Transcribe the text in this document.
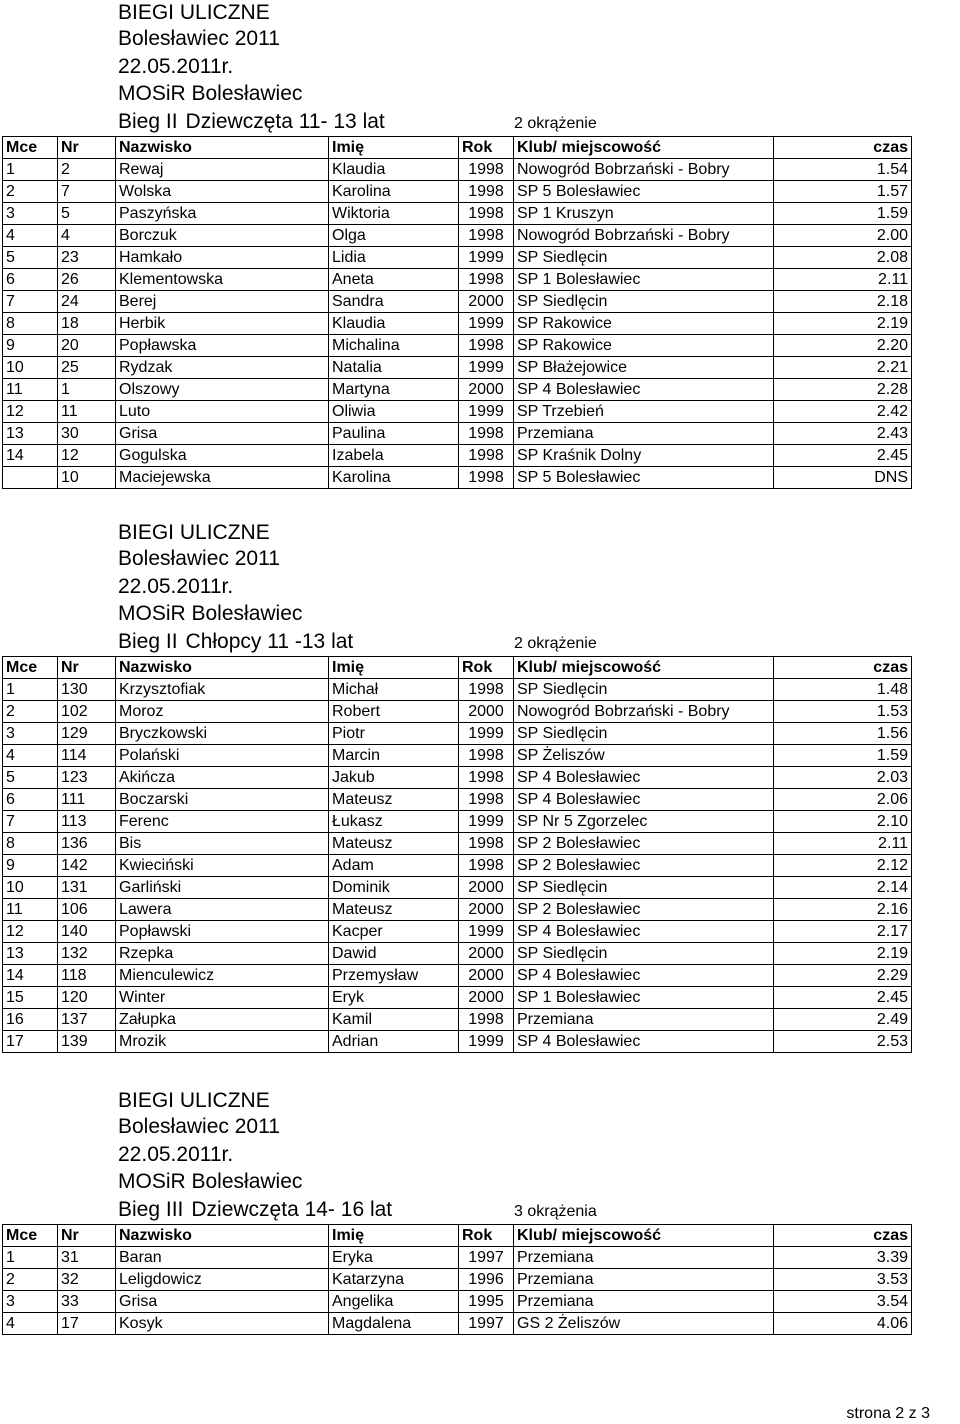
BIEGI ULICZNE
Bolesławiec 2011
22.05.2011r.
MOSiR Bolesławiec
Bieg II Dziewczęta 11- 13 lat	2 okrążenie
Mce	Nr	Nazwisko	Imię	Rok	Klub/ miejscowość	czas
1	2	Rewaj	Klaudia	1998	Nowogród Bobrzański - Bobry	1.54
2	7	Wolska	Karolina	1998	SP 5 Bolesławiec	1.57
3	5	Paszyńska	Wiktoria	1998	SP 1 Kruszyn	1.59
4	4	Borczuk	Olga	1998	Nowogród Bobrzański - Bobry	2.00
5	23	Hamkało	Lidia	1999	SP Siedlęcin	2.08
6	26	Klementowska	Aneta	1998	SP 1 Bolesławiec	2.11
7	24	Berej	Sandra	2000	SP Siedlęcin	2.18
8	18	Herbik	Klaudia	1999	SP Rakowice	2.19
9	20	Popławska	Michalina	1998	SP Rakowice	2.20
10	25	Rydzak	Natalia	1999	SP Błażejowice	2.21
11	1	Olszowy	Martyna	2000	SP 4 Bolesławiec	2.28
12	11	Luto	Oliwia	1999	SP Trzebień	2.42
13	30	Grisa	Paulina	1998	Przemiana	2.43
14	12	Gogulska	Izabela	1998	SP Kraśnik Dolny	2.45
	10	Maciejewska	Karolina	1998	SP 5 Bolesławiec	DNS
BIEGI ULICZNE
Bolesławiec 2011
22.05.2011r.
MOSiR Bolesławiec
Bieg II Chłopcy 11 -13 lat	2 okrążenie
Mce	Nr	Nazwisko	Imię	Rok	Klub/ miejscowość	czas
1	130	Krzysztofiak	Michał	1998	SP Siedlęcin	1.48
2	102	Moroz	Robert	2000	Nowogród Bobrzański - Bobry	1.53
3	129	Bryczkowski	Piotr	1999	SP Siedlęcin	1.56
4	114	Polański	Marcin	1998	SP Żeliszów	1.59
5	123	Akińcza	Jakub	1998	SP 4 Bolesławiec	2.03
6	111	Boczarski	Mateusz	1998	SP 4 Bolesławiec	2.06
7	113	Ferenc	Łukasz	1999	SP Nr 5 Zgorzelec	2.10
8	136	Bis	Mateusz	1998	SP 2 Bolesławiec	2.11
9	142	Kwieciński	Adam	1998	SP 2 Bolesławiec	2.12
10	131	Garliński	Dominik	2000	SP Siedlęcin	2.14
11	106	Lawera	Mateusz	2000	SP 2 Bolesławiec	2.16
12	140	Popławski	Kacper	1999	SP 4 Bolesławiec	2.17
13	132	Rzepka	Dawid	2000	SP Siedlęcin	2.19
14	118	Mienculewicz	Przemysław	2000	SP 4 Bolesławiec	2.29
15	120	Winter	Eryk	2000	SP 1 Bolesławiec	2.45
16	137	Załupka	Kamil	1998	Przemiana	2.49
17	139	Mrozik	Adrian	1999	SP 4 Bolesławiec	2.53
BIEGI ULICZNE
Bolesławiec 2011
22.05.2011r.
MOSiR Bolesławiec
Bieg III Dziewczęta 14- 16 lat	3 okrążenia
Mce	Nr	Nazwisko	Imię	Rok	Klub/ miejscowość	czas
1	31	Baran	Eryka	1997	Przemiana	3.39
2	32	Leligdowicz	Katarzyna	1996	Przemiana	3.53
3	33	Grisa	Angelika	1995	Przemiana	3.54
4	17	Kosyk	Magdalena	1997	GS 2 Żeliszów	4.06
strona 2 z 3
